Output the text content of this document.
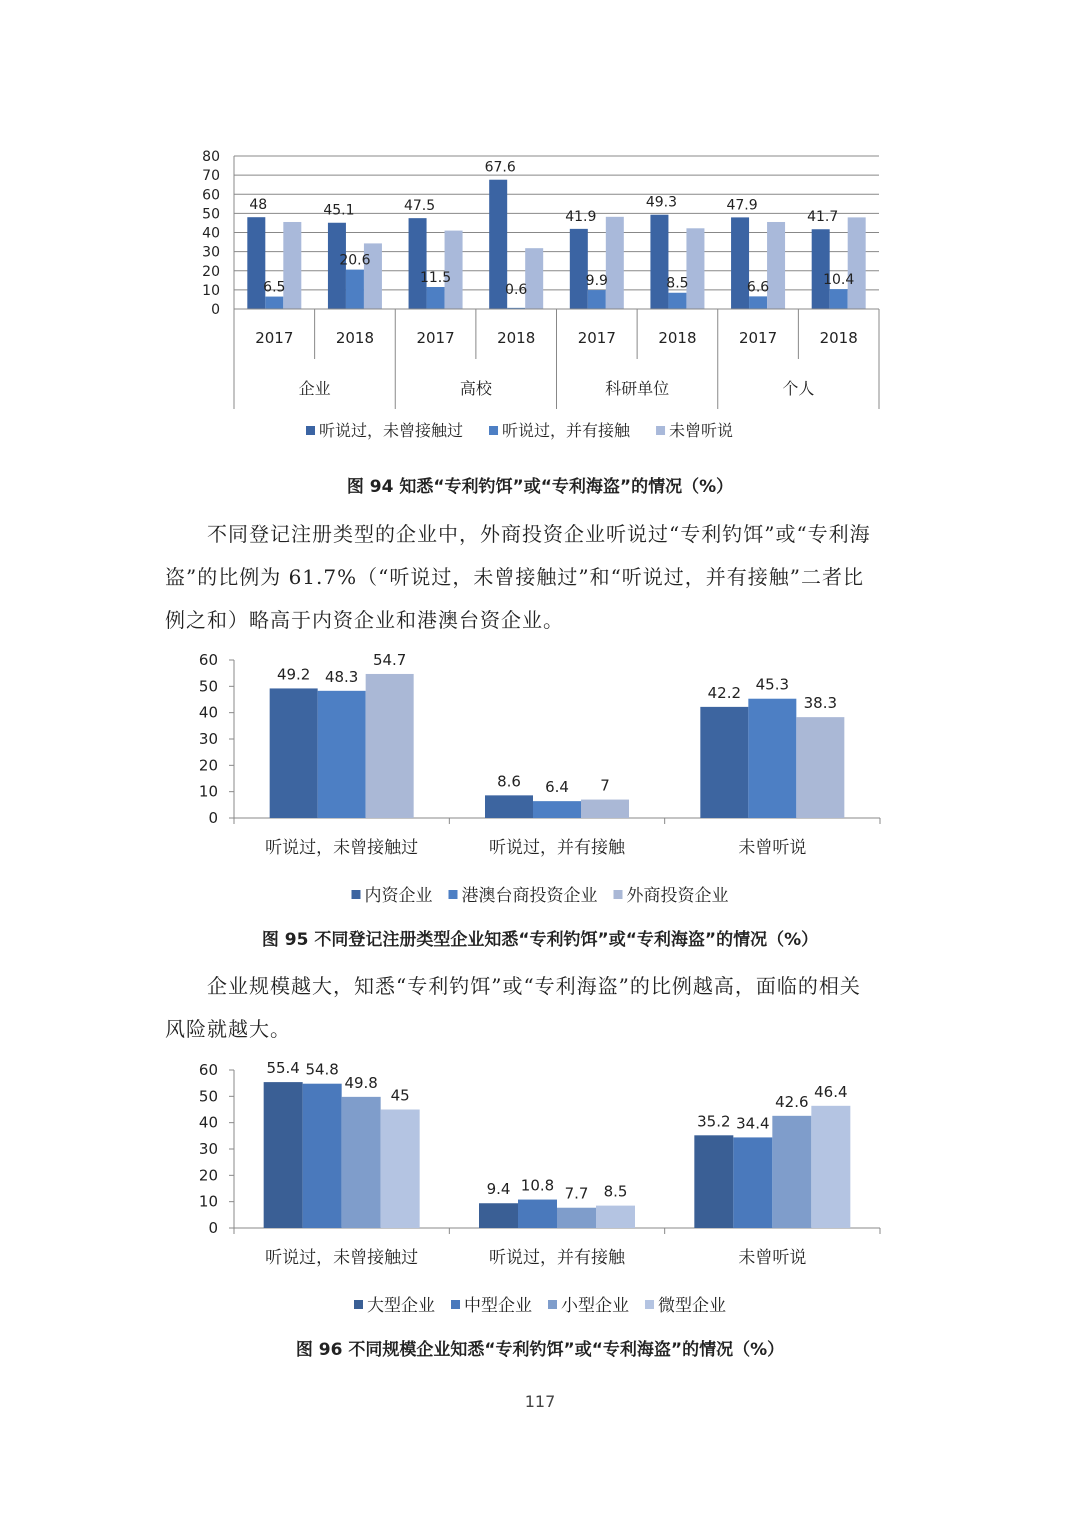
0
10
20
30
40
50
60
70
80
48
6.5
2017
45.1
20.6
2018
47.5
11.5
2017
67.6
0.6
2018
41.9
9.9
2017
49.3
8.5
2018
47.9
6.6
2017
41.7
10.4
2018
企业	高校	科研单位	个人
听说过，未曾接触过 听说过，并有接触 未曾听说
图 94 知悉“专利钓饵”或“专利海盗”的情况（%）
不同登记注册类型的企业中，外商投资企业听说过“专利钓饵”或“专利海
盗”的比例为 61.7%（“听说过，未曾接触过”和“听说过，并有接触”二者比
例之和）略高于内资企业和港澳台资企业。
0
10
20
30
40
50
60
49.2 48.3
54.7
听说过，未曾接触过
8.6 6.4 7
听说过，并有接触
42.2 45.3
38.3
未曾听说
内资企业 港澳台商投资企业 外商投资企业
图 95 不同登记注册类型企业知悉“专利钓饵”或“专利海盗”的情况（%）
企业规模越大，知悉“专利钓饵”或“专利海盗”的比例越高，面临的相关
风险就越大。
0
10
20
30
40
50
60	55.4 54.8
49.8
45
听说过，未曾接触过
9.4 10.8 7.7 8.5
听说过，并有接触
35.2 34.4
42.6
46.4
未曾听说
大型企业 中型企业 小型企业 微型企业
图 96 不同规模企业知悉“专利钓饵”或“专利海盗”的情况（%）
117
